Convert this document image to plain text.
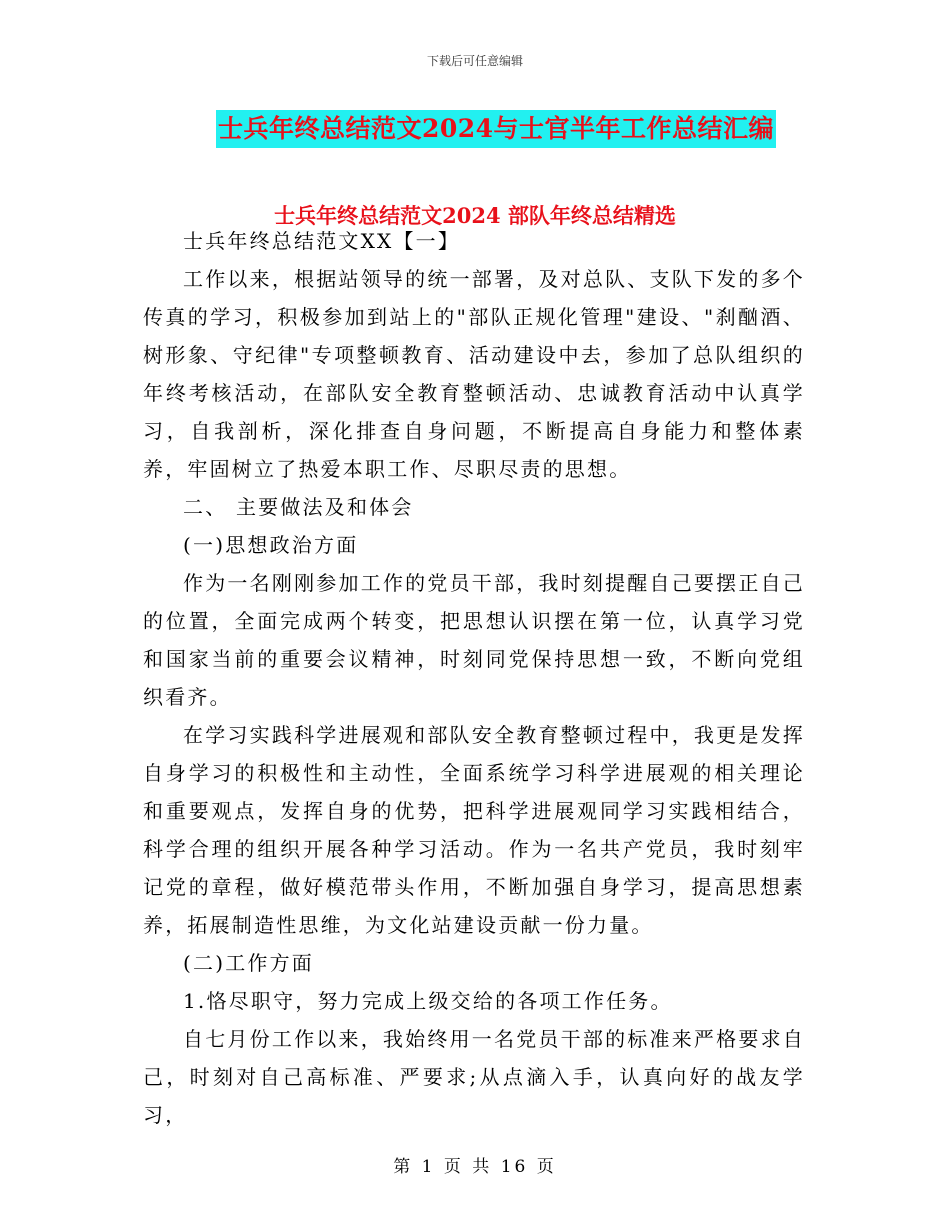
下载后可任意编辑
士兵年终总结范文2024与士官半年工作总结汇编
士兵年终总结范文2024 部队年终总结精选

士兵年终总结范文XX【一】

工作以来，根据站领导的统一部署，及对总队、支队下发的多个传真的学习，积极参加到站上的"部队正规化管理"建设、"刹酗酒、树形象、守纪律"专项整顿教育、活动建设中去，参加了总队组织的年终考核活动，在部队安全教育整顿活动、忠诚教育活动中认真学习，自我剖析，深化排查自身问题，不断提高自身能力和整体素养，牢固树立了热爱本职工作、尽职尽责的思想。

二、 主要做法及和体会

(一)思想政治方面

作为一名刚刚参加工作的党员干部，我时刻提醒自己要摆正自己的位置，全面完成两个转变，把思想认识摆在第一位，认真学习党和国家当前的重要会议精神，时刻同党保持思想一致，不断向党组织看齐。

在学习实践科学进展观和部队安全教育整顿过程中，我更是发挥自身学习的积极性和主动性，全面系统学习科学进展观的相关理论和重要观点，发挥自身的优势，把科学进展观同学习实践相结合，科学合理的组织开展各种学习活动。作为一名共产党员，我时刻牢记党的章程，做好模范带头作用，不断加强自身学习，提高思想素养，拓展制造性思维，为文化站建设贡献一份力量。

(二)工作方面

1.恪尽职守，努力完成上级交给的各项工作任务。

自七月份工作以来，我始终用一名党员干部的标准来严格要求自己，时刻对自己高标准、严要求;从点滴入手，认真向好的战友学习，

第 1 页 共 16 页
